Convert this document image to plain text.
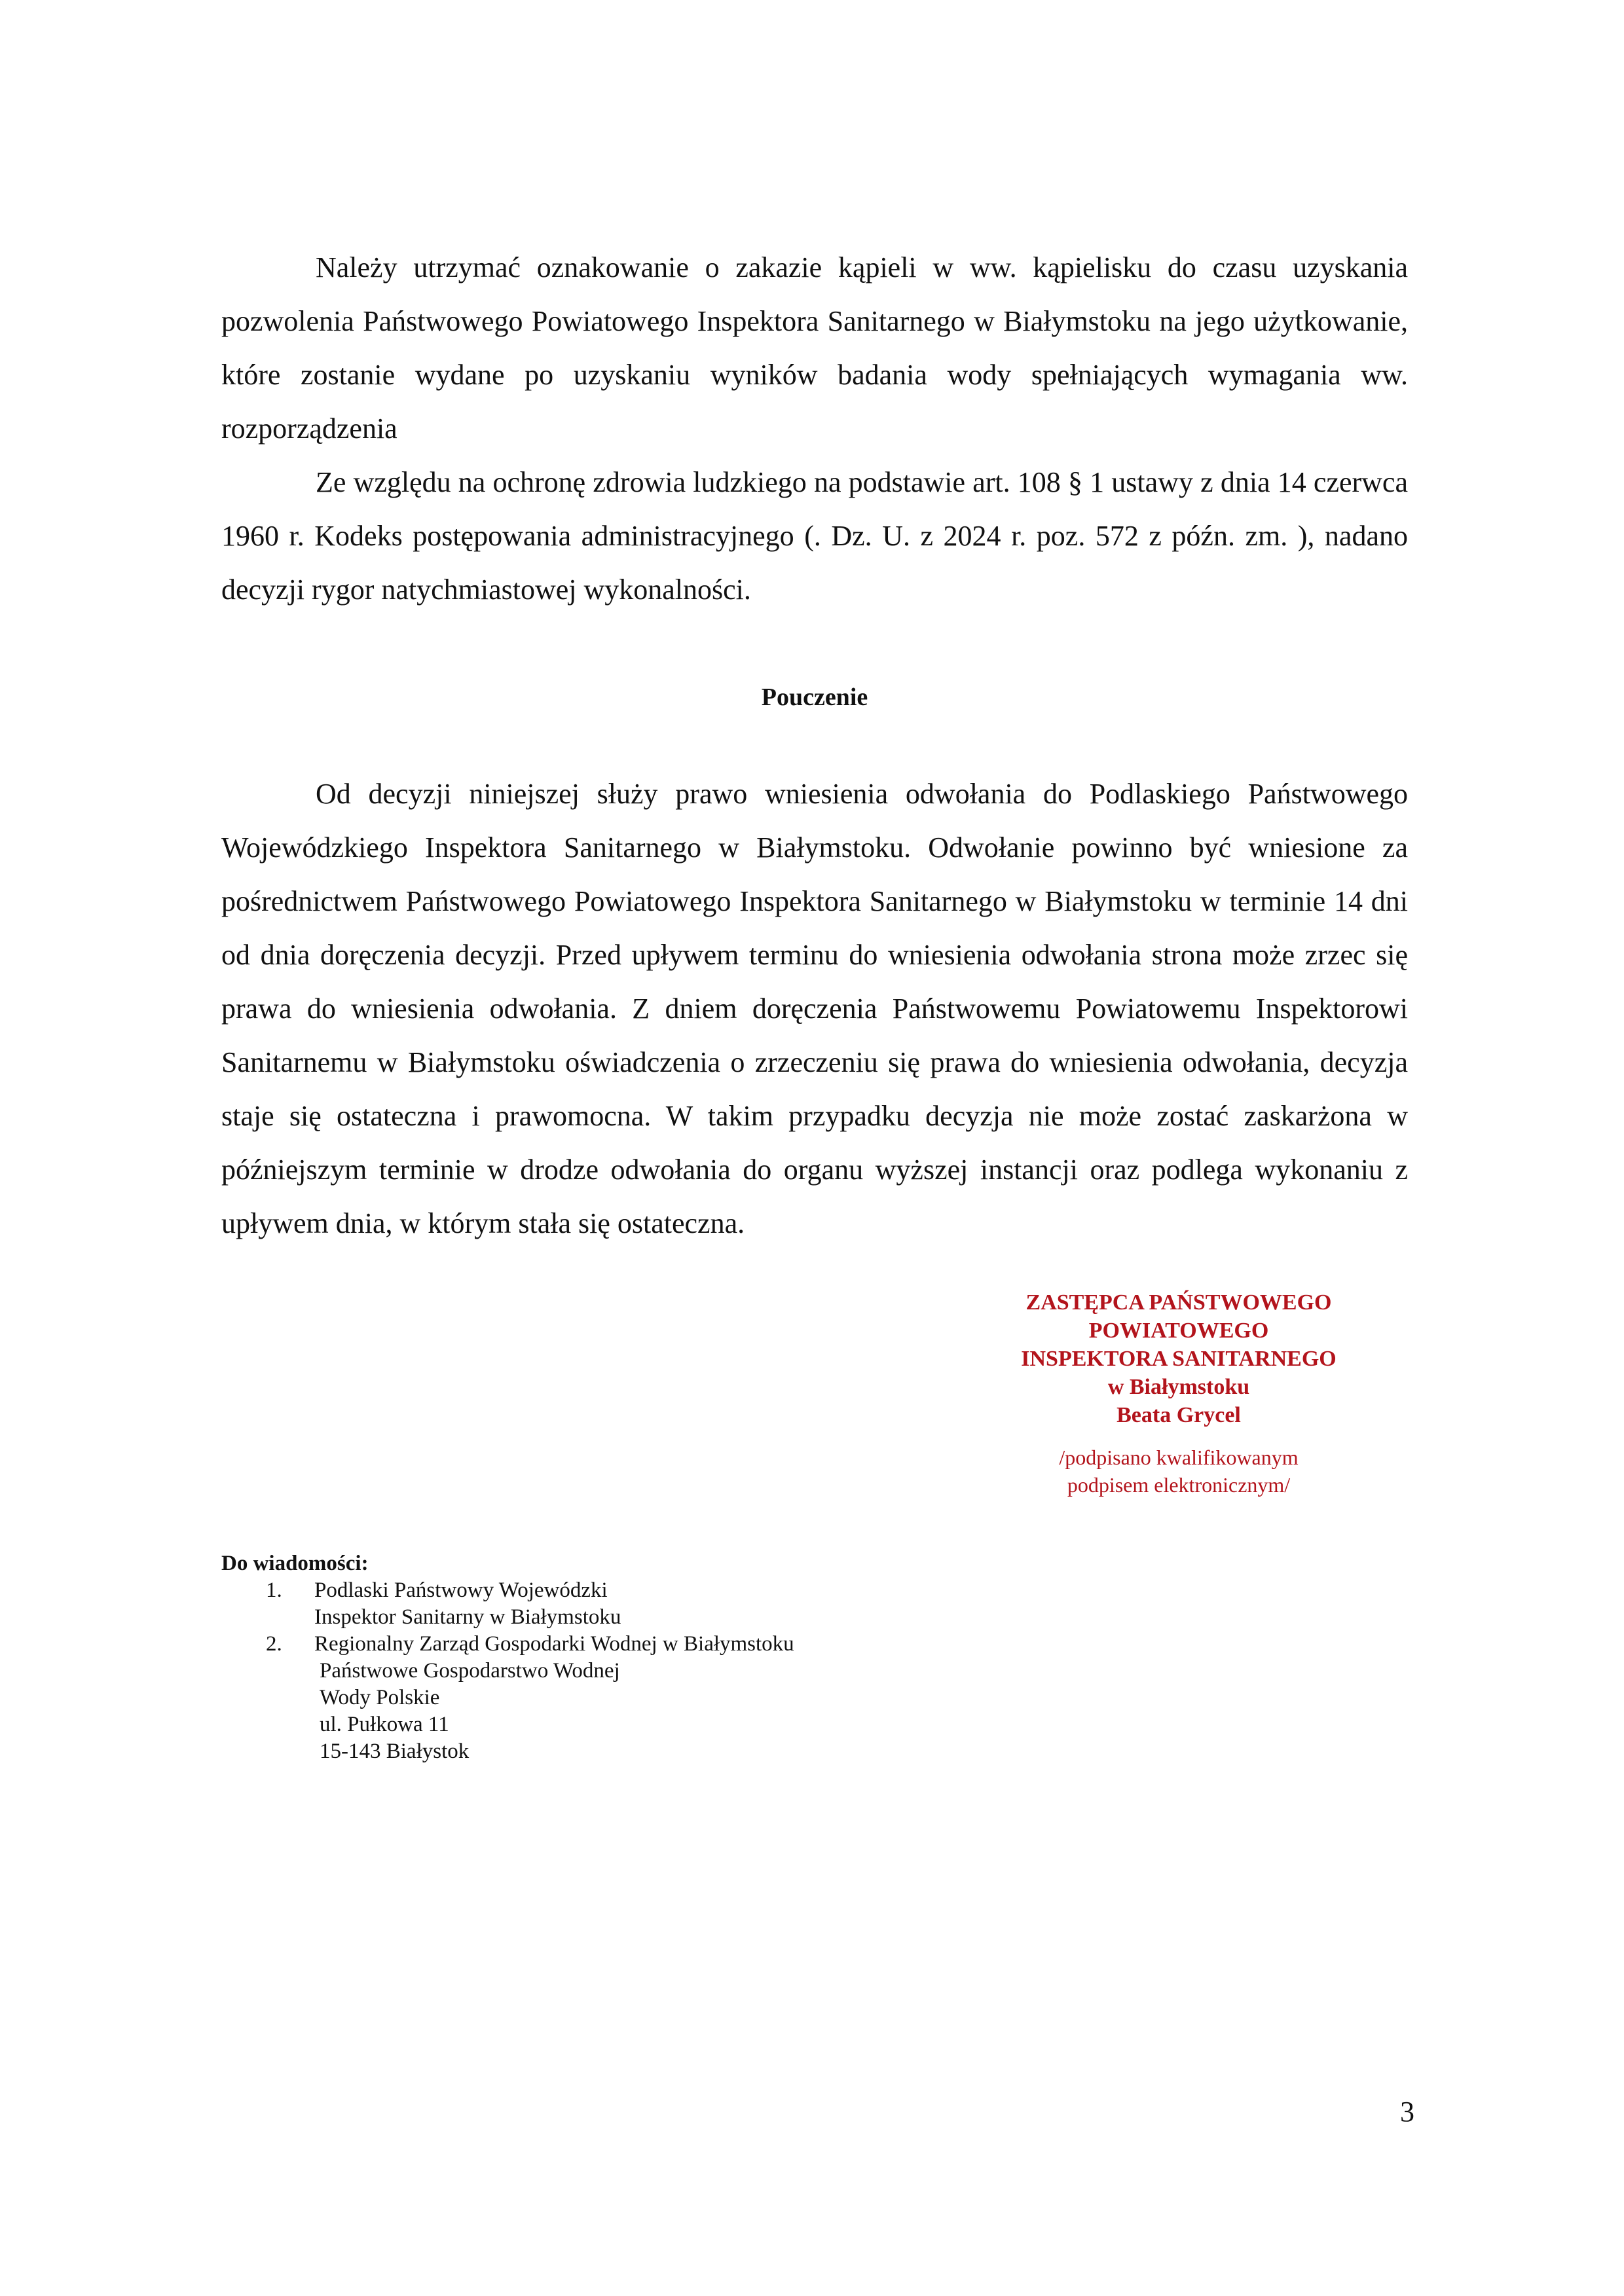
Należy utrzymać oznakowanie o zakazie kąpieli w ww. kąpielisku do czasu uzyskania pozwolenia Państwowego Powiatowego Inspektora Sanitarnego w Białymstoku na jego użytkowanie, które zostanie wydane po uzyskaniu wyników badania wody spełniających wymagania ww. rozporządzenia

Ze względu na ochronę zdrowia ludzkiego na podstawie art. 108 § 1 ustawy z dnia 14 czerwca 1960 r. Kodeks postępowania administracyjnego (. Dz. U. z 2024 r. poz. 572 z późn. zm. ), nadano decyzji rygor natychmiastowej wykonalności.

Pouczenie

Od decyzji niniejszej służy prawo wniesienia odwołania do Podlaskiego Państwowego Wojewódzkiego Inspektora Sanitarnego w Białymstoku. Odwołanie powinno być wniesione za pośrednictwem Państwowego Powiatowego Inspektora Sanitarnego w Białymstoku w terminie 14 dni od dnia doręczenia decyzji. Przed upływem terminu do wniesienia odwołania strona może zrzec się prawa do wniesienia odwołania. Z dniem doręczenia Państwowemu Powiatowemu Inspektorowi Sanitarnemu w Białymstoku oświadczenia o zrzeczeniu się prawa do wniesienia odwołania, decyzja staje się ostateczna i prawomocna. W takim przypadku decyzja nie może zostać zaskarżona w późniejszym terminie w drodze odwołania do organu wyższej instancji oraz podlega wykonaniu z upływem dnia, w którym stała się ostateczna.

ZASTĘPCA PAŃSTWOWEGO
POWIATOWEGO
INSPEKTORA SANITARNEGO
w Białymstoku
Beata Grycel
/podpisano kwalifikowanym
podpisem elektronicznym/

Do wiadomości:

1. Podlaski Państwowy Wojewódzki
Inspektor Sanitarny w Białymstoku
2. Regionalny Zarząd Gospodarki Wodnej w Białymstoku
Państwowe Gospodarstwo Wodnej
Wody Polskie
ul. Pułkowa 11
15-143 Białystok
3
